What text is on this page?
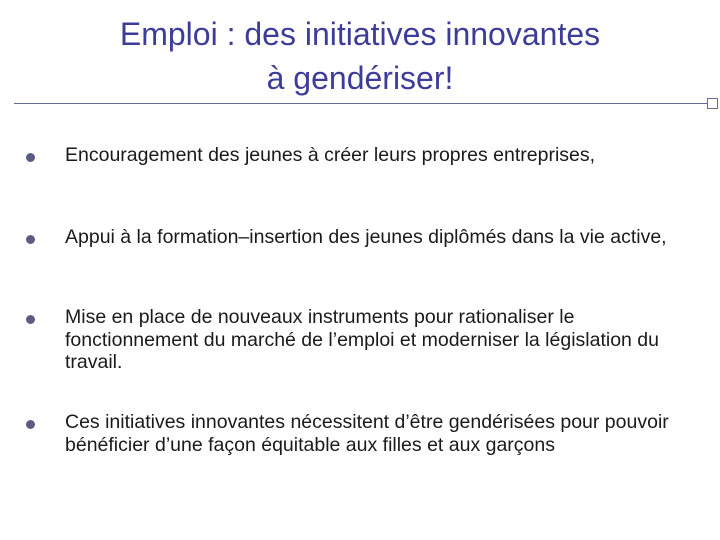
Emploi : des initiatives innovantes
à gendériser!
Encouragement des jeunes à créer leurs propres entreprises,
Appui à la formation–insertion des jeunes diplômés dans la vie active,
Mise en place de nouveaux instruments pour rationaliser le fonctionnement du marché de l’emploi et moderniser la législation du travail.
Ces initiatives innovantes nécessitent d’être gendérisées pour pouvoir bénéficier d’une façon équitable aux filles et aux garçons
